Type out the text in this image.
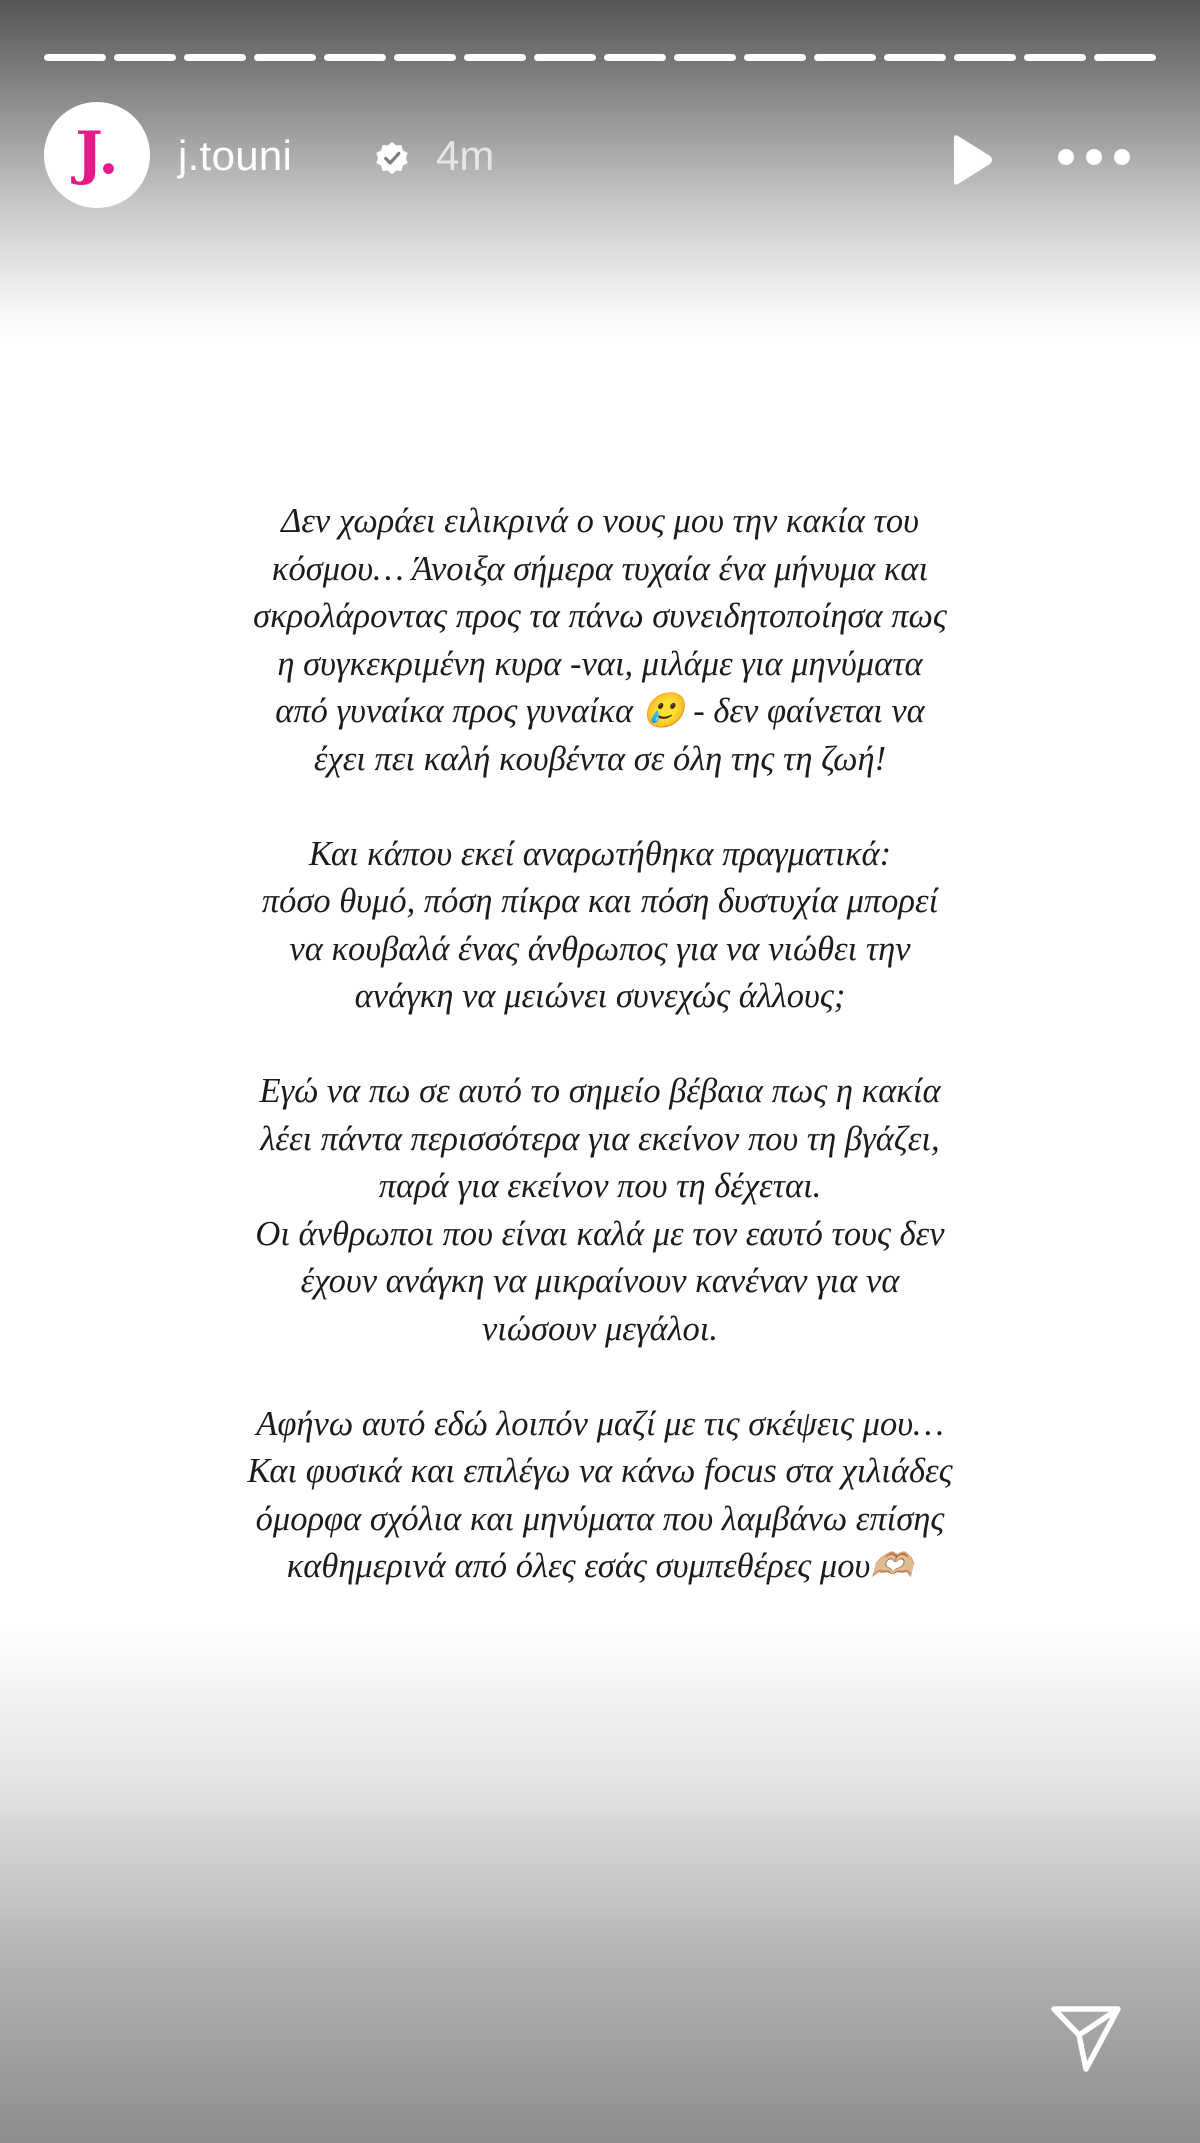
J. j.touni	4m
Δεν χωράει ειλικρινά ο νους μου την κακία του
κόσμου… Άνοιξα σήμερα τυχαία ένα μήνυμα και
σκρολάροντας προς τα πάνω συνειδητοποίησα πως
η συγκεκριμένη κυρα -ναι, μιλάμε για μηνύματα
από γυναίκα προς γυναίκα 🥲 - δεν φαίνεται να
έχει πει καλή κουβέντα σε όλη της τη ζωή!
Και κάπου εκεί αναρωτήθηκα πραγματικά:
πόσο θυμό, πόση πίκρα και πόση δυστυχία μπορεί
να κουβαλά ένας άνθρωπος για να νιώθει την
ανάγκη να μειώνει συνεχώς άλλους;
Εγώ να πω σε αυτό το σημείο βέβαια πως η κακία
λέει πάντα περισσότερα για εκείνον που τη βγάζει,
παρά για εκείνον που τη δέχεται.
Οι άνθρωποι που είναι καλά με τον εαυτό τους δεν
έχουν ανάγκη να μικραίνουν κανέναν για να
νιώσουν μεγάλοι.
Αφήνω αυτό εδώ λοιπόν μαζί με τις σκέψεις μου…
Και φυσικά και επιλέγω να κάνω focus στα χιλιάδες
όμορφα σχόλια και μηνύματα που λαμβάνω επίσης
καθημερινά από όλες εσάς συμπεθέρες μου🫶🏼
